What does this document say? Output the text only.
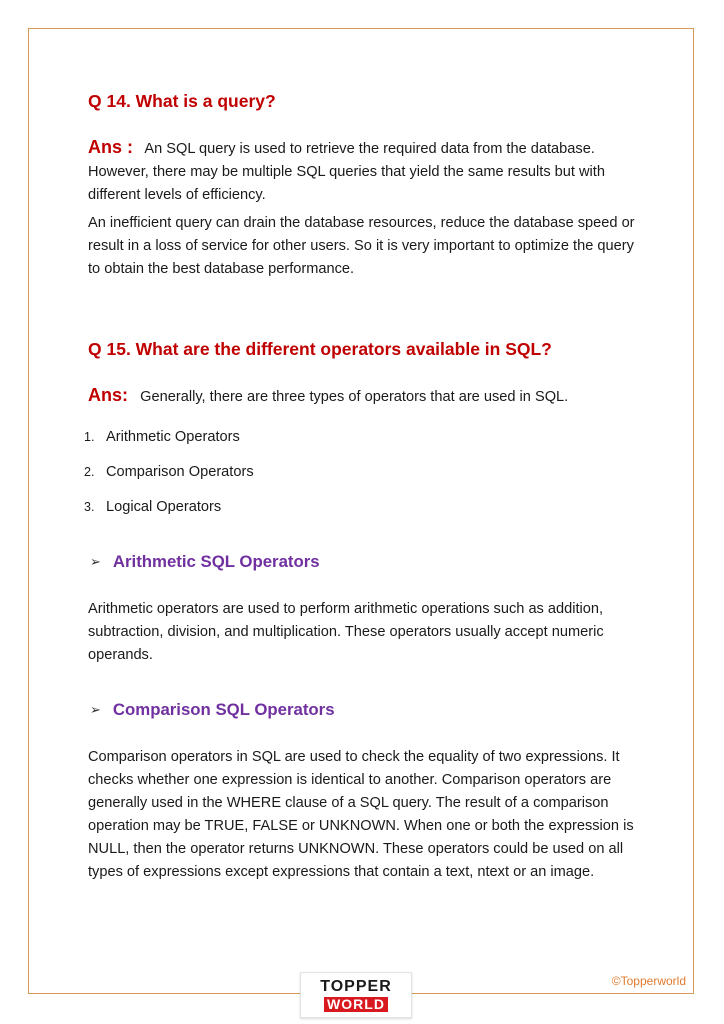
Q 14. What is a query?

Ans : An SQL query is used to retrieve the required data from the database. However, there may be multiple SQL queries that yield the same results but with different levels of efficiency.

An inefficient query can drain the database resources, reduce the database speed or result in a loss of service for other users. So it is very important to optimize the query to obtain the best database performance.

Q 15. What are the different operators available in SQL?

Ans: Generally, there are three types of operators that are used in SQL.

1. Arithmetic Operators
2. Comparison Operators
3. Logical Operators
➢ Arithmetic SQL Operators

Arithmetic operators are used to perform arithmetic operations such as addition, subtraction, division, and multiplication. These operators usually accept numeric operands.

➢ Comparison SQL Operators

Comparison operators in SQL are used to check the equality of two expressions. It checks whether one expression is identical to another. Comparison operators are generally used in the WHERE clause of a SQL query. The result of a comparison operation may be TRUE, FALSE or UNKNOWN. When one or both the expression is NULL, then the operator returns UNKNOWN. These operators could be used on all types of expressions except expressions that contain a text, ntext or an image.

TOPPER
WORLD
©Topperworld
